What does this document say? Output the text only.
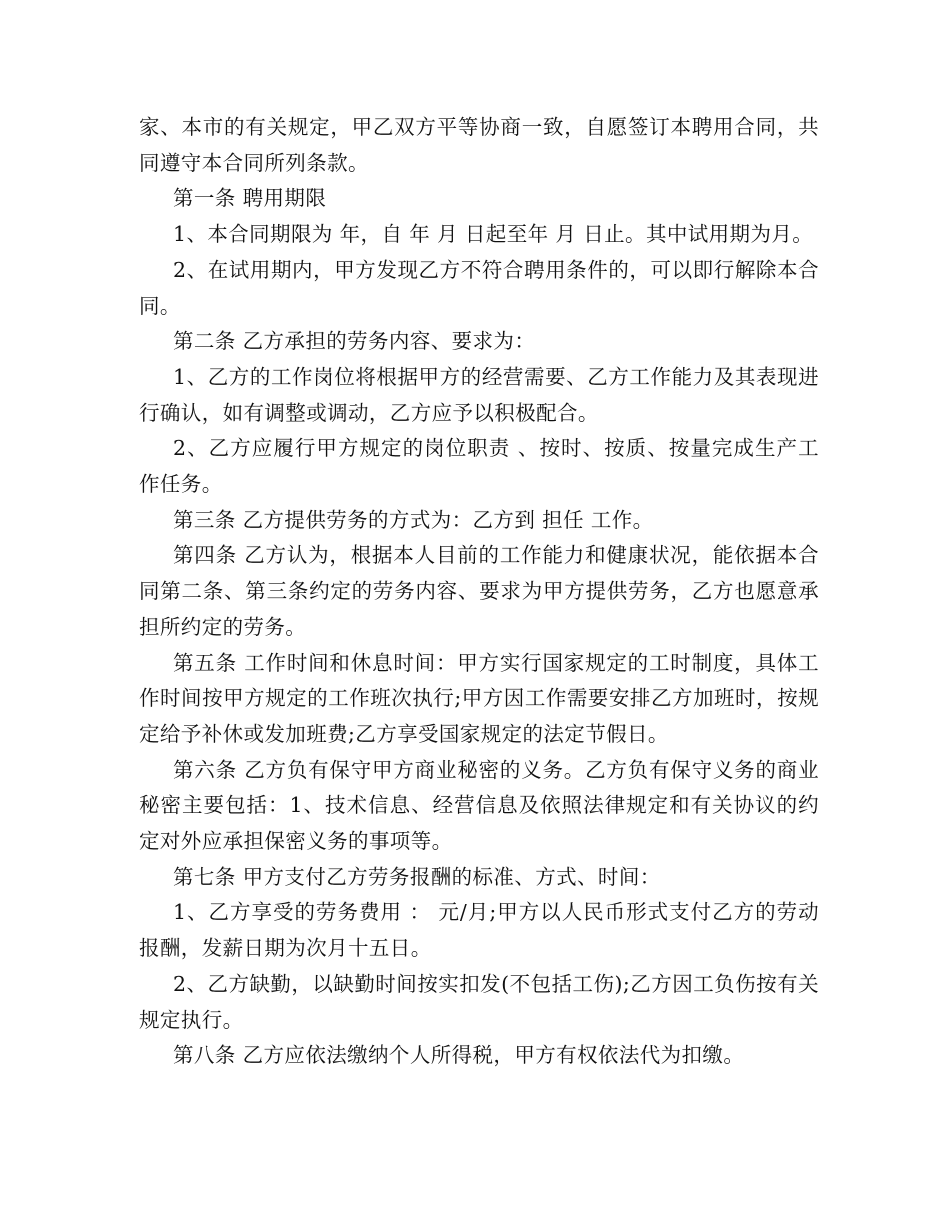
家、本市的有关规定，甲乙双方平等协商一致，自愿签订本聘用合同，共同遵守本合同所列条款。

第一条 聘用期限

1、本合同期限为 年，自 年 月 日起至年 月 日止。其中试用期为月。

2、在试用期内，甲方发现乙方不符合聘用条件的，可以即行解除本合同。

第二条 乙方承担的劳务内容、要求为：

1、乙方的工作岗位将根据甲方的经营需要、乙方工作能力及其表现进行确认，如有调整或调动，乙方应予以积极配合。

2、乙方应履行甲方规定的岗位职责 、按时、按质、按量完成生产工作任务。

第三条 乙方提供劳务的方式为：乙方到 担任 工作。

第四条 乙方认为，根据本人目前的工作能力和健康状况，能依据本合同第二条、第三条约定的劳务内容、要求为甲方提供劳务，乙方也愿意承担所约定的劳务。

第五条 工作时间和休息时间：甲方实行国家规定的工时制度，具体工作时间按甲方规定的工作班次执行;甲方因工作需要安排乙方加班时，按规定给予补休或发加班费;乙方享受国家规定的法定节假日。

第六条 乙方负有保守甲方商业秘密的义务。乙方负有保守义务的商业秘密主要包括：1、技术信息、经营信息及依照法律规定和有关协议的约定对外应承担保密义务的事项等。

第七条 甲方支付乙方劳务报酬的标准、方式、时间：

1、乙方享受的劳务费用 ： 元/月;甲方以人民币形式支付乙方的劳动报酬，发薪日期为次月十五日。

2、乙方缺勤，以缺勤时间按实扣发(不包括工伤);乙方因工负伤按有关规定执行。

第八条 乙方应依法缴纳个人所得税，甲方有权依法代为扣缴。
